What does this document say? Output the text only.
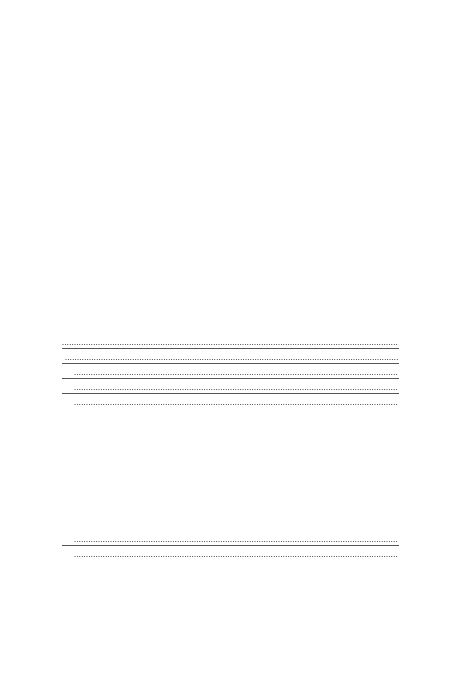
.....
.....
.....
.....
.....

.....
.....
